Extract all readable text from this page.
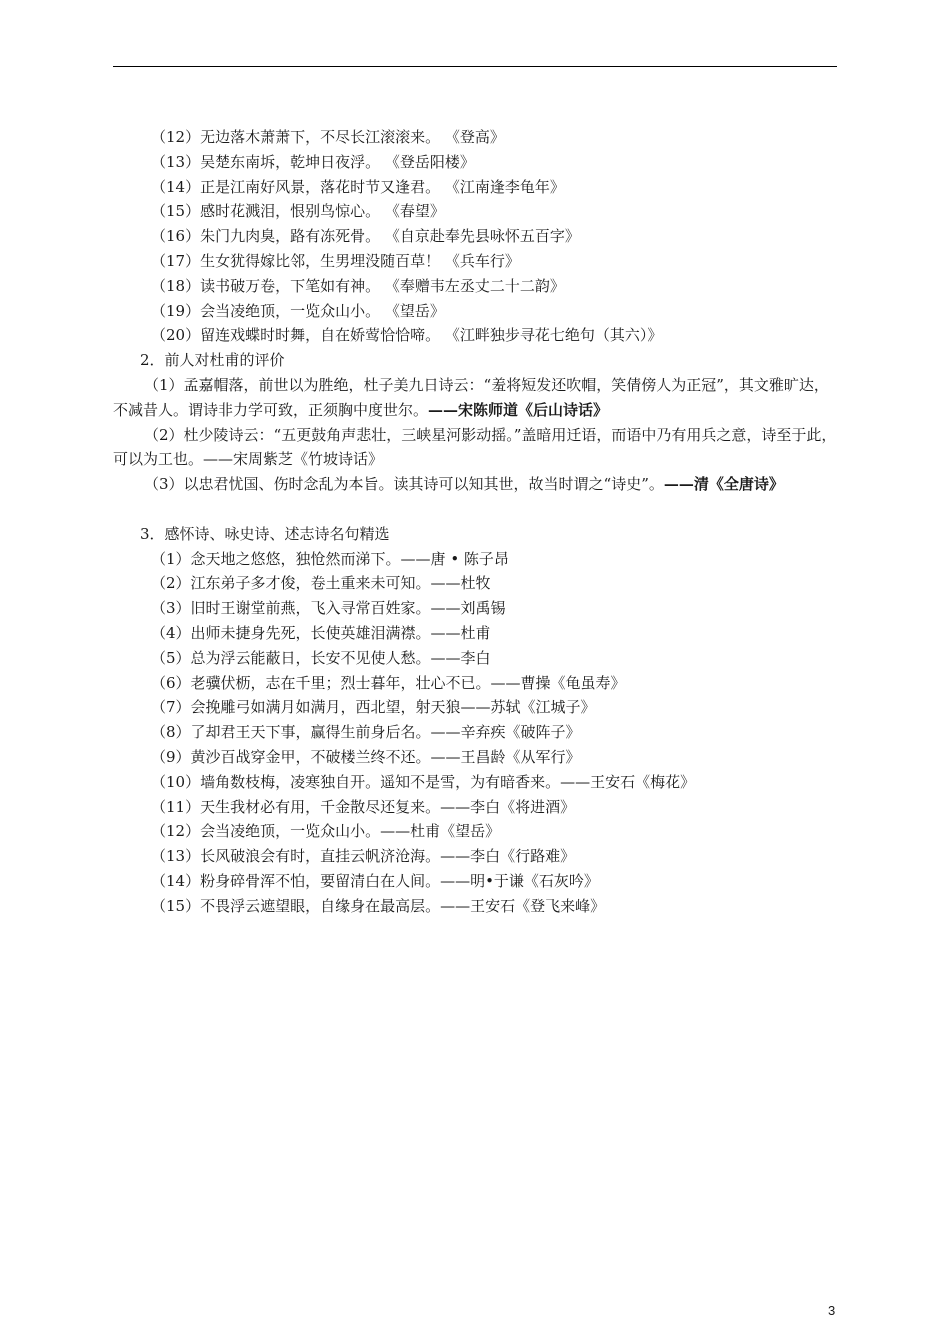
（12）无边落木萧萧下，不尽长江滚滚来。 《登高》
（13）吴楚东南坼，乾坤日夜浮。 《登岳阳楼》
（14）正是江南好风景，落花时节又逢君。 《江南逢李龟年》
（15）感时花溅泪，恨别鸟惊心。 《春望》
（16）朱门九肉臭，路有冻死骨。 《自京赴奉先县咏怀五百字》
（17）生女犹得嫁比邻，生男埋没随百草！ 《兵车行》
（18）读书破万卷，下笔如有神。 《奉赠韦左丞丈二十二韵》
（19）会当凌绝顶，一览众山小。 《望岳》
（20）留连戏蝶时时舞，自在娇莺恰恰啼。 《江畔独步寻花七绝句（其六）》
2．前人对杜甫的评价
（1）孟嘉帽落，前世以为胜绝，杜子美九日诗云：“羞将短发还吹帽，笑倩傍人为正冠”，其文雅旷达，不减昔人。谓诗非力学可致，正须胸中度世尔。——宋陈师道《后山诗话》
（2）杜少陵诗云：“五更鼓角声悲壮，三峡星河影动摇。”盖暗用迁语，而语中乃有用兵之意，诗至于此，可以为工也。——宋周紫芝《竹坡诗话》
（3）以忠君忧国、伤时念乱为本旨。读其诗可以知其世，故当时谓之“诗史”。——清《全唐诗》
3．感怀诗、咏史诗、述志诗名句精选
（1）念天地之悠悠，独怆然而涕下。——唐 • 陈子昂
（2）江东弟子多才俊，卷土重来未可知。——杜牧
（3）旧时王谢堂前燕，飞入寻常百姓家。——刘禹锡
（4）出师未捷身先死，长使英雄泪满襟。——杜甫
（5）总为浮云能蔽日，长安不见使人愁。——李白
（6）老骥伏枥，志在千里；烈士暮年，壮心不已。——曹操《龟虽寿》
（7）会挽雕弓如满月如满月，西北望，射天狼——苏轼《江城子》
（8）了却君王天下事，赢得生前身后名。——辛弃疾《破阵子》
（9）黄沙百战穿金甲，不破楼兰终不还。——王昌龄《从军行》
（10）墙角数枝梅，凌寒独自开。遥知不是雪，为有暗香来。——王安石《梅花》
（11）天生我材必有用，千金散尽还复来。——李白《将进酒》
（12）会当凌绝顶，一览众山小。——杜甫《望岳》
（13）长风破浪会有时，直挂云帆济沧海。——李白《行路难》
（14）粉身碎骨浑不怕，要留清白在人间。——明•于谦《石灰吟》
（15）不畏浮云遮望眼，自缘身在最高层。——王安石《登飞来峰》
3
